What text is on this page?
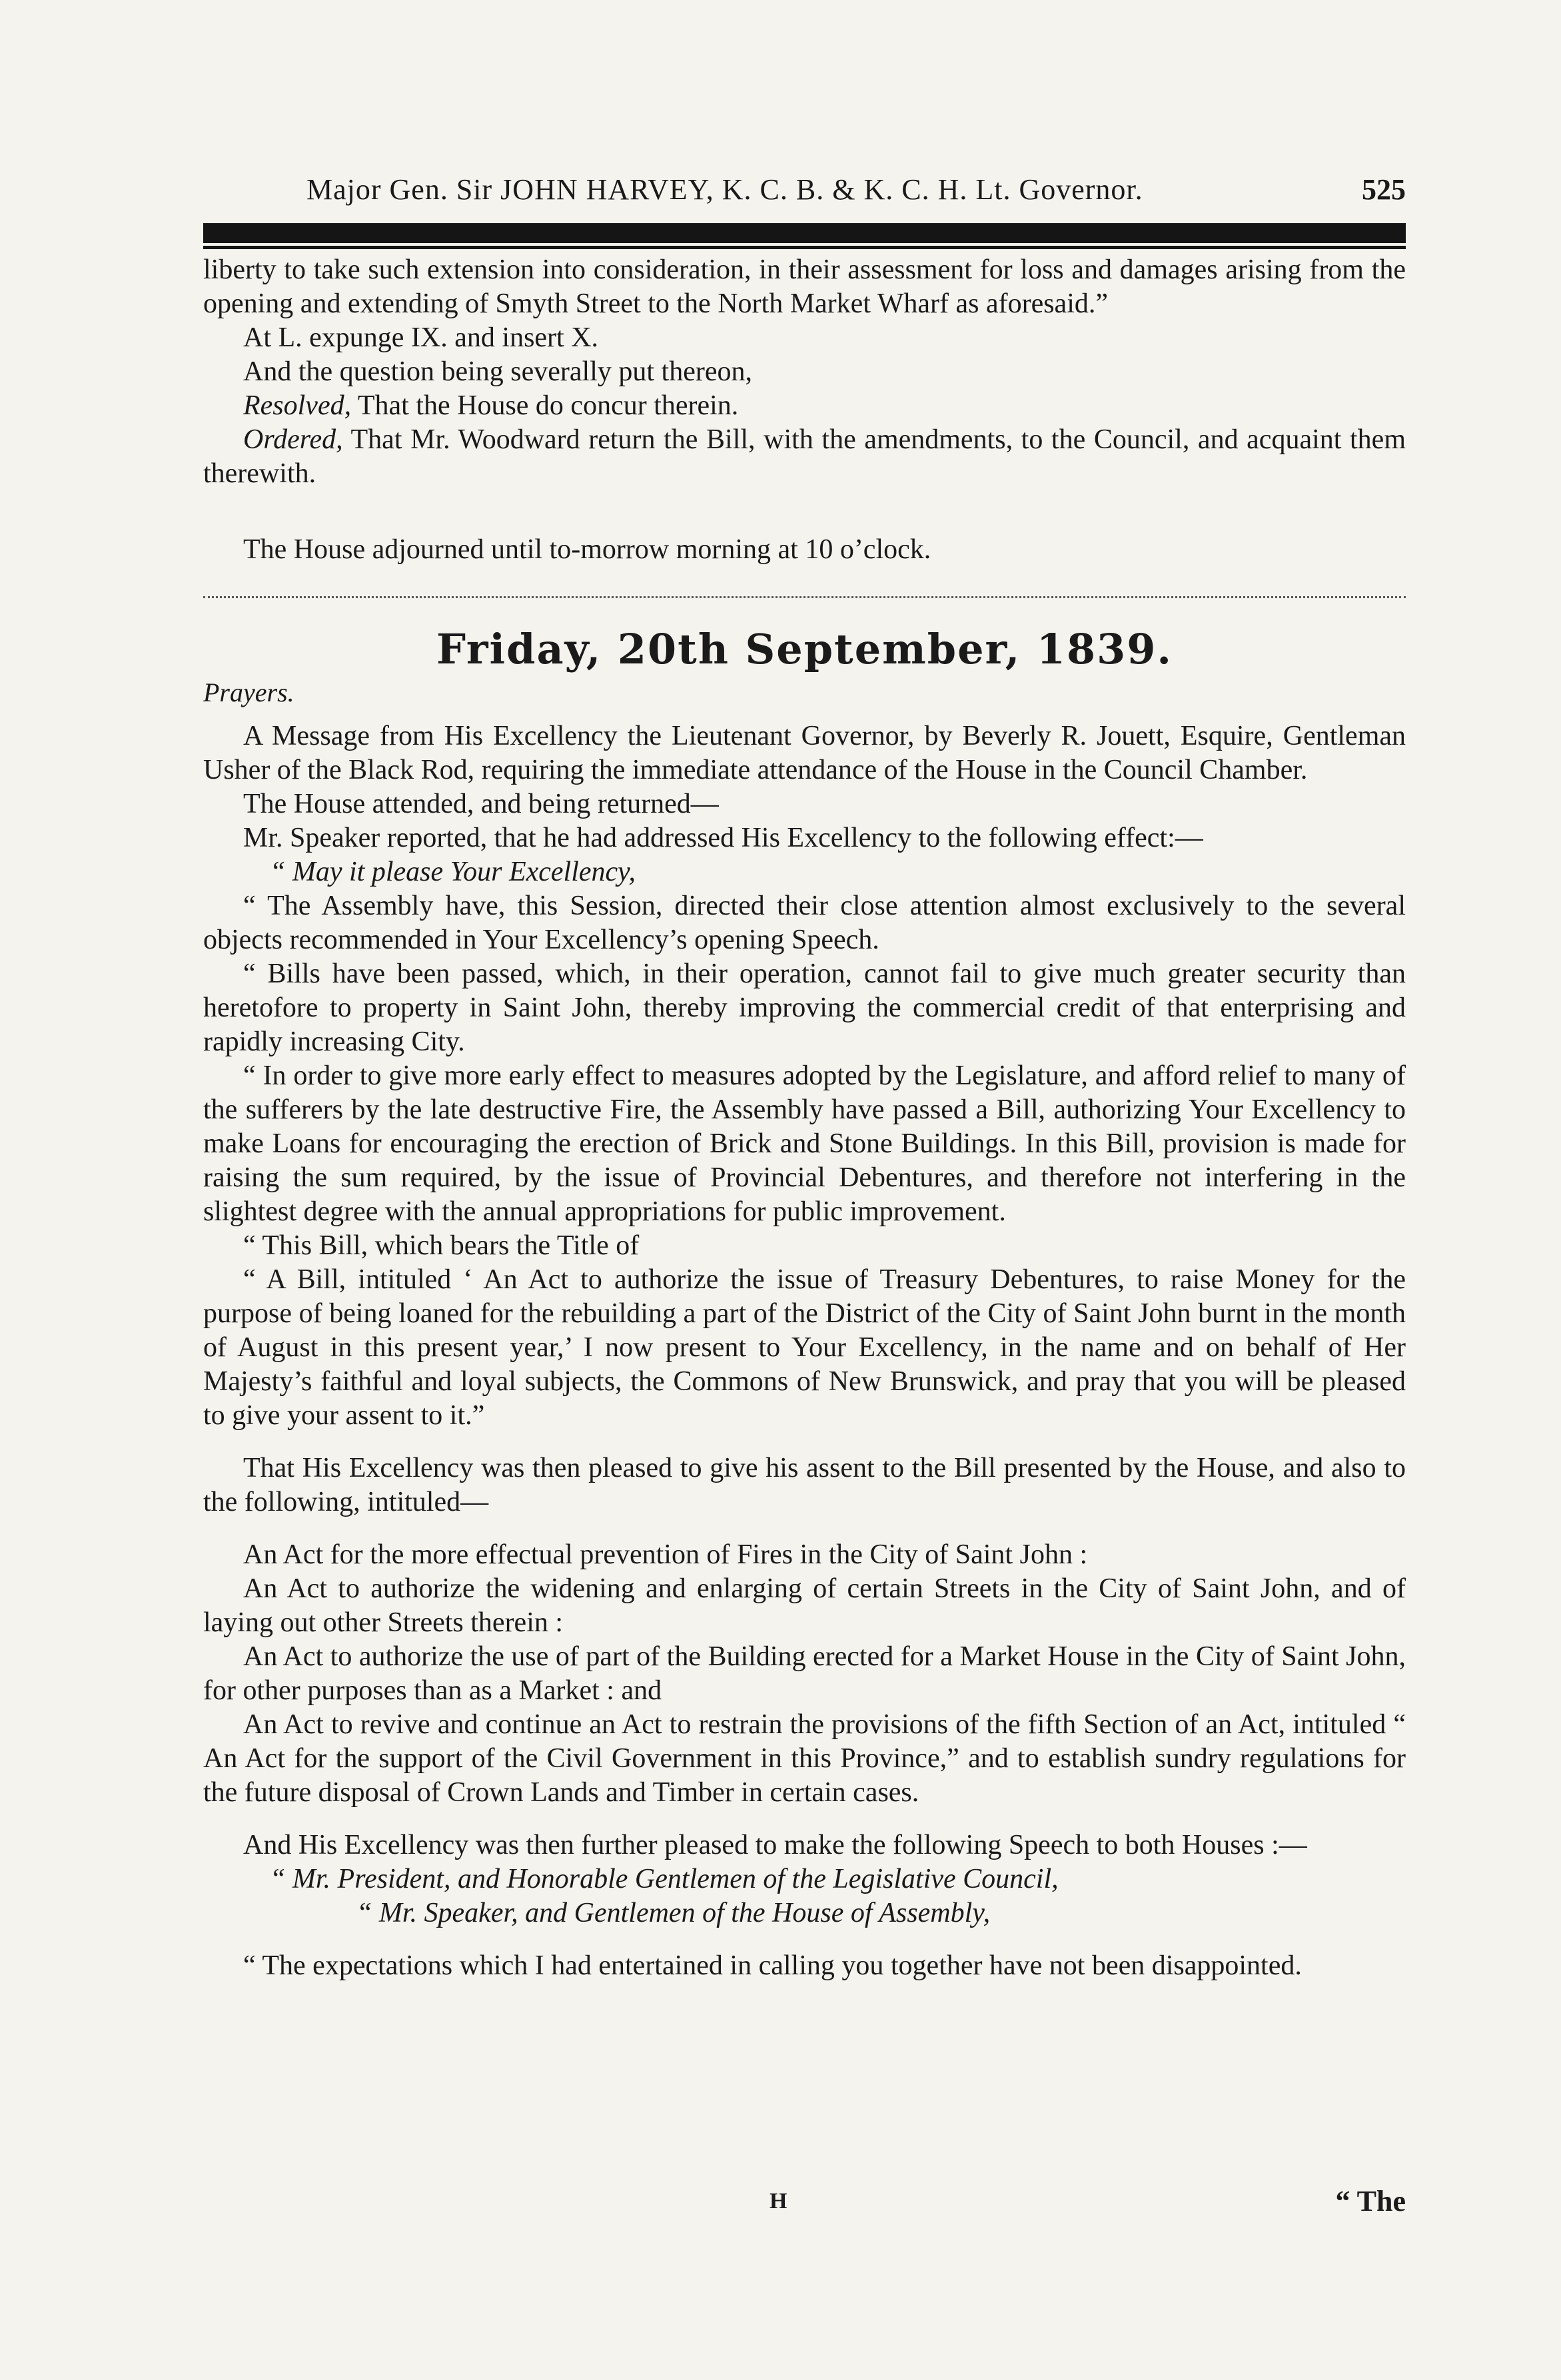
Major Gen. Sir JOHN HARVEY, K. C. B. & K. C. H. Lt. Governor.	525

liberty to take such extension into consideration, in their assessment for loss and damages arising from the opening and extending of Smyth Street to the North Market Wharf as aforesaid.”

At L. expunge IX. and insert X.

And the question being severally put thereon,

Resolved, That the House do concur therein.

Ordered, That Mr. Woodward return the Bill, with the amendments, to the Council, and acquaint them therewith.

The House adjourned until to-morrow morning at 10 o’clock.

Friday, 20th September, 1839.
Prayers.

A Message from His Excellency the Lieutenant Governor, by Beverly R. Jouett, Esquire, Gentleman Usher of the Black Rod, requiring the immediate attendance of the House in the Council Chamber.

The House attended, and being returned—

Mr. Speaker reported, that he had addressed His Excellency to the following effect:—

“ May it please Your Excellency,

“ The Assembly have, this Session, directed their close attention almost exclusively to the several objects recommended in Your Excellency’s opening Speech.

“ Bills have been passed, which, in their operation, cannot fail to give much greater security than heretofore to property in Saint John, thereby improving the commercial credit of that enterprising and rapidly increasing City.

“ In order to give more early effect to measures adopted by the Legislature, and afford relief to many of the sufferers by the late destructive Fire, the Assembly have passed a Bill, authorizing Your Excellency to make Loans for encouraging the erection of Brick and Stone Buildings. In this Bill, provision is made for raising the sum required, by the issue of Provincial Debentures, and therefore not interfering in the slightest degree with the annual appropriations for public improvement.

“ This Bill, which bears the Title of

“ A Bill, intituled ‘ An Act to authorize the issue of Treasury Debentures, to raise Money for the purpose of being loaned for the rebuilding a part of the District of the City of Saint John burnt in the month of August in this present year,’ I now present to Your Excellency, in the name and on behalf of Her Majesty’s faithful and loyal subjects, the Commons of New Brunswick, and pray that you will be pleased to give your assent to it.”

That His Excellency was then pleased to give his assent to the Bill presented by the House, and also to the following, intituled—

An Act for the more effectual prevention of Fires in the City of Saint John :

An Act to authorize the widening and enlarging of certain Streets in the City of Saint John, and of laying out other Streets therein :

An Act to authorize the use of part of the Building erected for a Market House in the City of Saint John, for other purposes than as a Market : and

An Act to revive and continue an Act to restrain the provisions of the fifth Section of an Act, intituled “ An Act for the support of the Civil Government in this Province,” and to establish sundry regulations for the future disposal of Crown Lands and Timber in certain cases.

And His Excellency was then further pleased to make the following Speech to both Houses :—

“ Mr. President, and Honorable Gentlemen of the Legislative Council,

“ Mr. Speaker, and Gentlemen of the House of Assembly,

“ The expectations which I had entertained in calling you together have not been disappointed.

H	“ The
